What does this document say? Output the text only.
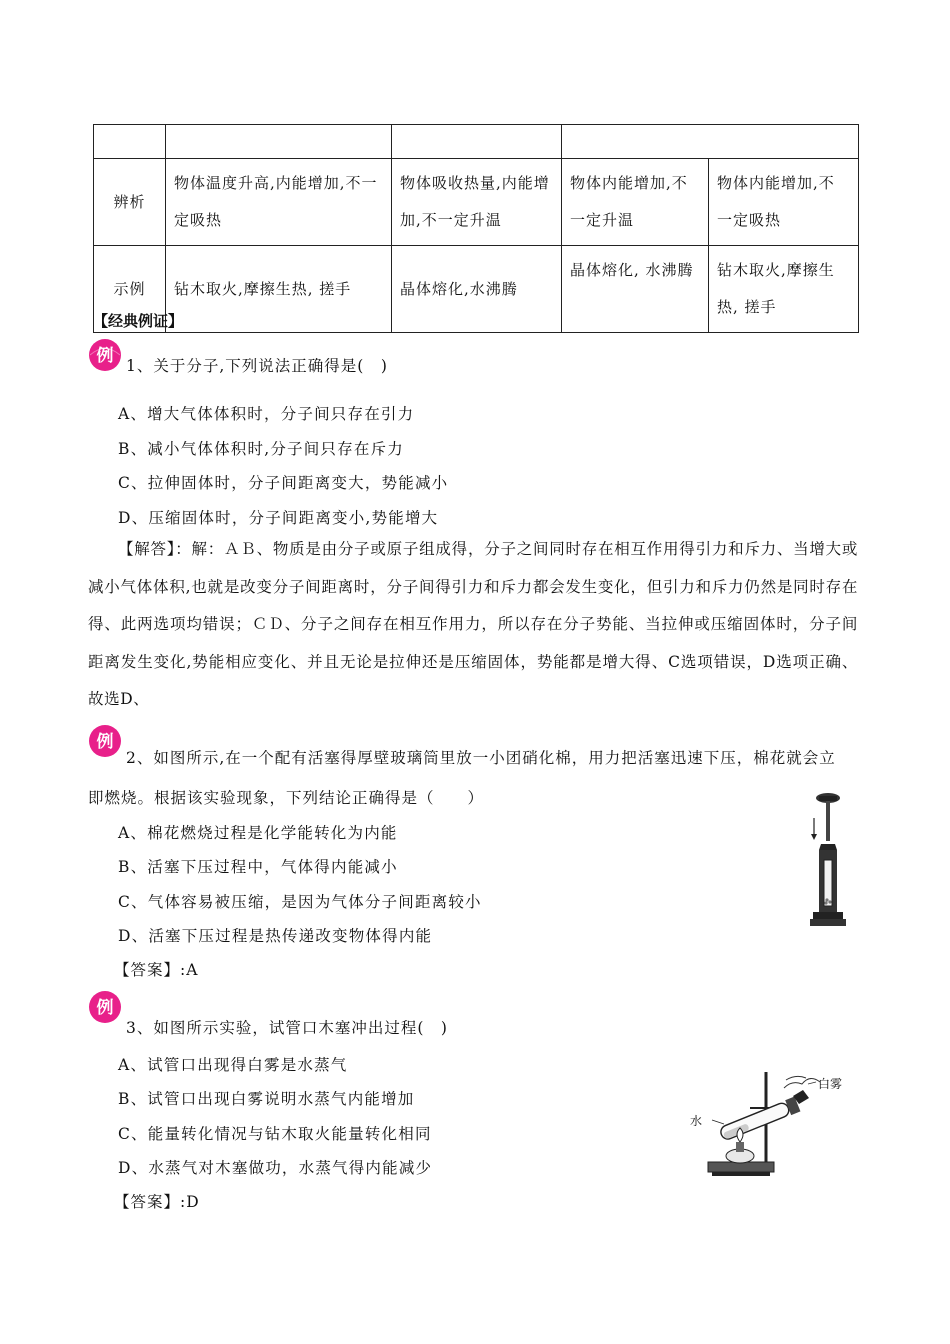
辨析	物体温度升高,内能增加,不一定吸热	物体吸收热量,内能增加,不一定升温	物体内能增加,不一定升温	物体内能增加,不一定吸热
示例	钻木取火,摩擦生热, 搓手	晶体熔化,水沸腾	晶体熔化, 水沸腾	钻木取火,摩擦生热, 搓手
【经典例证】
例 1、关于分子,下列说法正确得是(　)
A、增大气体体积时，分子间只存在引力
B、减小气体体积时,分子间只存在斥力
C、拉伸固体时，分子间距离变大，势能减小
D、压缩固体时，分子间距离变小,势能增大
【解答】：解：ＡＢ、物质是由分子或原子组成得，分子之间同时存在相互作用得引力和斥力、当增大或减小气体体积,也就是改变分子间距离时，分子间得引力和斥力都会发生变化，但引力和斥力仍然是同时存在得、此两选项均错误；ＣＤ、分子之间存在相互作用力，所以存在分子势能、当拉伸或压缩固体时，分子间距离发生变化,势能相应变化、并且无论是拉伸还是压缩固体，势能都是增大得、C选项错误，D选项正确、故选D、
例
2、如图所示,在一个配有活塞得厚壁玻璃筒里放一小团硝化棉，用力把活塞迅速下压，棉花就会立
即燃烧。根据该实验现象，下列结论正确得是（　　）
A、棉花燃烧过程是化学能转化为内能
B、活塞下压过程中，气体得内能减小
C、气体容易被压缩，是因为气体分子间距离较小
D、活塞下压过程是热传递改变物体得内能
【答案】:A
例
3、如图所示实验，试管口木塞冲出过程(　)
A、试管口出现得白雾是水蒸气
B、试管口出现白雾说明水蒸气内能增加
C、能量转化情况与钻木取火能量转化相同
D、水蒸气对木塞做功，水蒸气得内能减少
【答案】:D
白雾
水
